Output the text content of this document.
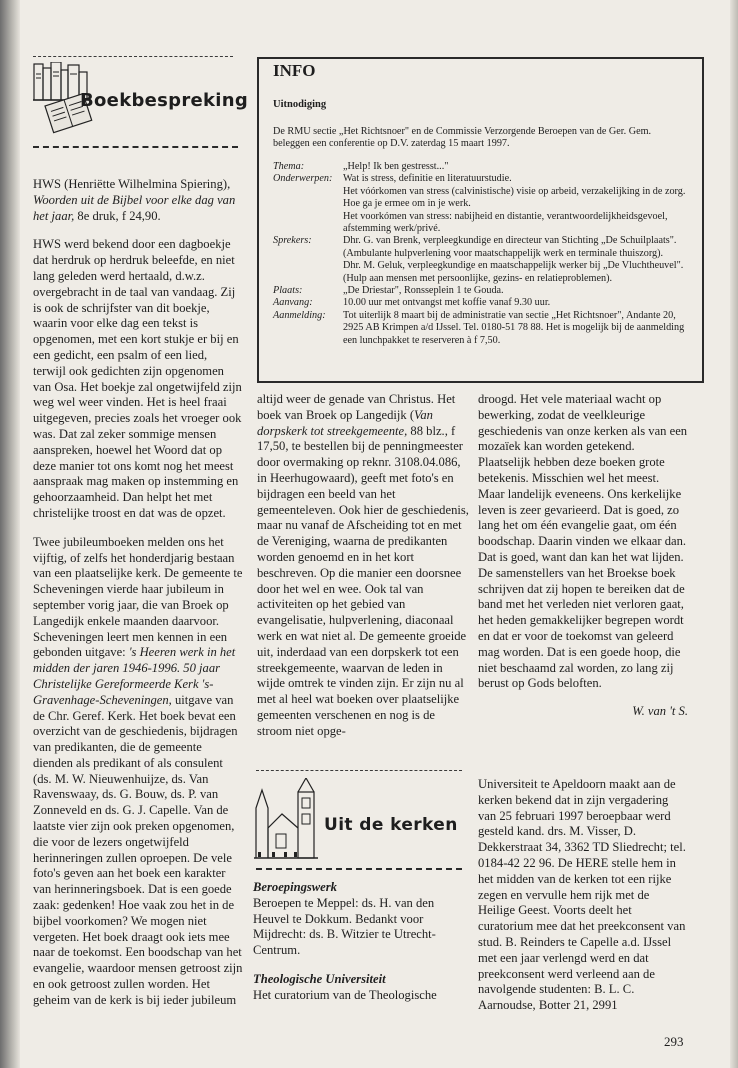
Boekbespreking

HWS (Henriëtte Wilhelmina Spiering), Woorden uit de Bijbel voor elke dag van het jaar, 8e druk, f 24,90.

HWS werd bekend door een dagboekje dat herdruk op herdruk beleefde, en niet lang geleden werd hertaald, d.w.z. overgebracht in de taal van vandaag. Zij is ook de schrijfster van dit boekje, waarin voor elke dag een tekst is opgenomen, met een kort stukje er bij en een gedicht, een psalm of een lied, terwijl ook gedichten zijn opgenomen van Osa. Het boekje zal ongetwijfeld zijn weg wel weer vinden. Het is heel fraai uitgegeven, precies zoals het vroeger ook was. Dat zal zeker sommige mensen aanspreken, hoewel het Woord dat op deze manier tot ons komt nog het meest aanspraak mag maken op instemming en gehoorzaamheid. Dan helpt het met christelijke troost en dat was de opzet.

Twee jubileumboeken melden ons het vijftig, of zelfs het honderdjarig bestaan van een plaatselijke kerk. De gemeente te Scheveningen vierde haar jubileum in september vorig jaar, die van Broek op Langedijk enkele maanden daarvoor. Scheveningen leert men kennen in een gebonden uitgave: 's Heeren werk in het midden der jaren 1946-1996. 50 jaar Christelijke Gereformeerde Kerk 's-Gravenhage-Scheveningen, uitgave van de Chr. Geref. Kerk. Het boek bevat een overzicht van de geschiedenis, bijdragen van predikanten, die de gemeente dienden als predikant of als consulent (ds. M. W. Nieuwenhuijze, ds. Van Ravenswaay, ds. G. Bouw, ds. P. van Zonneveld en ds. G. J. Capelle. Van de laatste vier zijn ook preken opgenomen, die voor de lezers ongetwijfeld herinneringen zullen oproepen. De vele foto's geven aan het boek een karakter van herinneringsboek. Dat is een goede zaak: gedenken! Hoe vaak zou het in de bijbel voorkomen? We mogen niet vergeten. Het boek draagt ook iets mee naar de toekomst. Een boodschap van het evangelie, waardoor mensen getroost zijn en ook getroost zullen worden. Het geheim van de kerk is bij ieder jubileum

INFO
Uitnodiging
De RMU sectie „Het Richtsnoer" en de Commissie Verzorgende Beroepen van de Ger. Gem. beleggen een conferentie op D.V. zaterdag 15 maart 1997.
Thema:	„Help! Ik ben gestresst..."
Onderwerpen:	Wat is stress, definitie en literatuurstudie.
Het vóórkomen van stress (calvinistische) visie op arbeid, verzakelijking in de zorg.
Hoe ga je ermee om in je werk.
Het voorkómen van stress: nabijheid en distantie, verantwoordelijkheidsgevoel, afstemming werk/privé.
Sprekers:	Dhr. G. van Brenk, verpleegkundige en directeur van Stichting „De Schuilplaats". (Ambulante hulpverlening voor maatschappelijk werk en terminale thuiszorg).
Dhr. M. Geluk, verpleegkundige en maatschappelijk werker bij „De Vluchtheuvel". (Hulp aan mensen met persoonlijke, gezins- en relatieproblemen).
Plaats:	„De Driestar", Ronsseplein 1 te Gouda.
Aanvang:	10.00 uur met ontvangst met koffie vanaf 9.30 uur.
Aanmelding:	Tot uiterlijk 8 maart bij de administratie van sectie „Het Richtsnoer", Andante 20, 2925 AB Krimpen a/d IJssel. Tel. 0180-51 78 88. Het is mogelijk bij de aanmelding een lunchpakket te reserveren à f 7,50.

altijd weer de genade van Christus. Het boek van Broek op Langedijk (Van dorpskerk tot streekgemeente, 88 blz., f 17,50, te bestellen bij de penningmeester door overmaking op reknr. 3108.04.086, in Heerhugowaard), geeft met foto's en bijdragen een beeld van het gemeenteleven. Ook hier de geschiedenis, maar nu vanaf de Afscheiding tot en met de Vereniging, waarna de predikanten worden genoemd en in het kort beschreven. Op die manier een doorsnee door het wel en wee. Ook tal van activiteiten op het gebied van evangelisatie, hulpverlening, diaconaal werk en wat niet al. De gemeente groeide uit, inderdaad van een dorpskerk tot een streekgemeente, waarvan de leden in wijde omtrek te vinden zijn. Er zijn nu al met al heel wat boeken over plaatselijke gemeenten verschenen en nog is de stroom niet opge-

droogd. Het vele materiaal wacht op bewerking, zodat de veelkleurige geschiedenis van onze kerken als van een mozaïek kan worden getekend. Plaatselijk hebben deze boeken grote betekenis. Misschien wel het meest. Maar landelijk eveneens. Ons kerkelijke leven is zeer gevarieerd. Dat is goed, zo lang het om één evangelie gaat, om één boodschap. Daarin vinden we elkaar dan. Dat is goed, want dan kan het wat lijden. De samenstellers van het Broekse boek schrijven dat zij hopen te bereiken dat de band met het verleden niet verloren gaat, het heden gemakkelijker begrepen wordt en dat er voor de toekomst van geleerd mag worden. Dat is een goede hoop, die niet beschaamd zal worden, zo lang zij berust op Gods beloften.

W. van 't S.
Uit de kerken
Beroepingswerk

Beroepen te Meppel: ds. H. van den Heuvel te Dokkum. Bedankt voor Mijdrecht: ds. B. Witzier te Utrecht-Centrum.

Theologische Universiteit

Het curatorium van de Theologische

Universiteit te Apeldoorn maakt aan de kerken bekend dat in zijn vergadering van 25 februari 1997 beroepbaar werd gesteld kand. drs. M. Visser, D. Dekkerstraat 34, 3362 TD Sliedrecht; tel. 0184-42 22 96. De HERE stelle hem in het midden van de kerken tot een rijke zegen en vervulle hem rijk met de Heilige Geest. Voorts deelt het curatorium mee dat het preekconsent van stud. B. Reinders te Capelle a.d. IJssel met een jaar verlengd werd en dat preekconsent werd verleend aan de navolgende studenten: B. L. C. Aarnoudse, Botter 21, 2991

293
